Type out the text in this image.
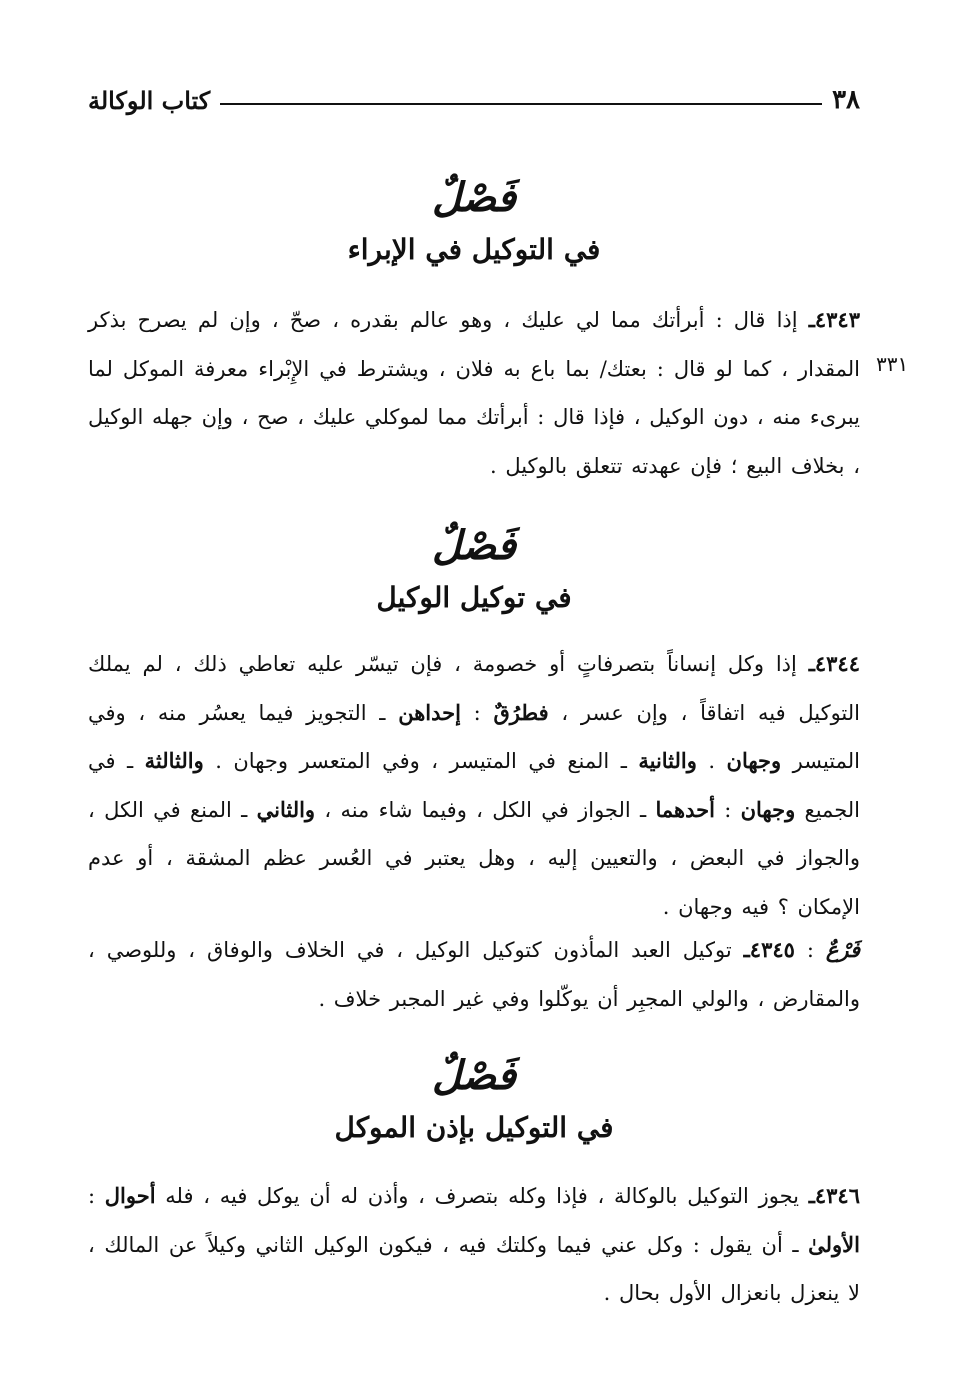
٣٨
كتاب الوكالة
٣٣١
فَصْلٌ
في التوكيل في الإبراء
٤٣٤٣ـ إذا قال : أبرأتك مما لي عليك ، وهو عالم بقدره ، صحّ ، وإن لم يصرح بذكر المقدار ، كما لو قال : بعتك/ بما باع به فلان ، ويشترط في الإِبْراء معرفة الموكل لما يبرىء منه ، دون الوكيل ، فإذا قال : أبرأتك مما لموكلي عليك ، صح ، وإن جهله الوكيل ، بخلاف البيع ؛ فإن عهدته تتعلق بالوكيل .
فَصْلٌ
في توكيل الوكيل
٤٣٤٤ـ إذا وكل إنساناً بتصرفاتٍ أو خصومة ، فإن تيسّر عليه تعاطي ذلك ، لم يملك التوكيل فيه اتفاقاً ، وإن عسر ، فطرُقٌ : إحداهن ـ التجويز فيما يعسُر منه ، وفي المتيسر وجهان . والثانية ـ المنع في المتيسر ، وفي المتعسر وجهان . والثالثة ـ في الجميع وجهان : أحدهما ـ الجواز في الكل ، وفيما شاء منه ، والثاني ـ المنع في الكل ، والجواز في البعض ، والتعيين إليه ، وهل يعتبر في العُسر عظم المشقة ، أو عدم الإمكان ؟ فيه وجهان .
فَرْعٌ : ٤٣٤٥ـ توكيل العبد المأذون كتوكيل الوكيل ، في الخلاف والوفاق ، وللوصي ، والمقارض ، والولي المجبِر أن يوكّلوا وفي غير المجبر خلاف .
فَصْلٌ
في التوكيل بإذن الموكل
٤٣٤٦ـ يجوز التوكيل بالوكالة ، فإذا وكله بتصرف ، وأذن له أن يوكل فيه ، فله أحوال : الأولىٰ ـ أن يقول : وكل عني فيما وكلتك فيه ، فيكون الوكيل الثاني وكيلاً عن المالك ، لا ينعزل بانعزال الأول بحال .
